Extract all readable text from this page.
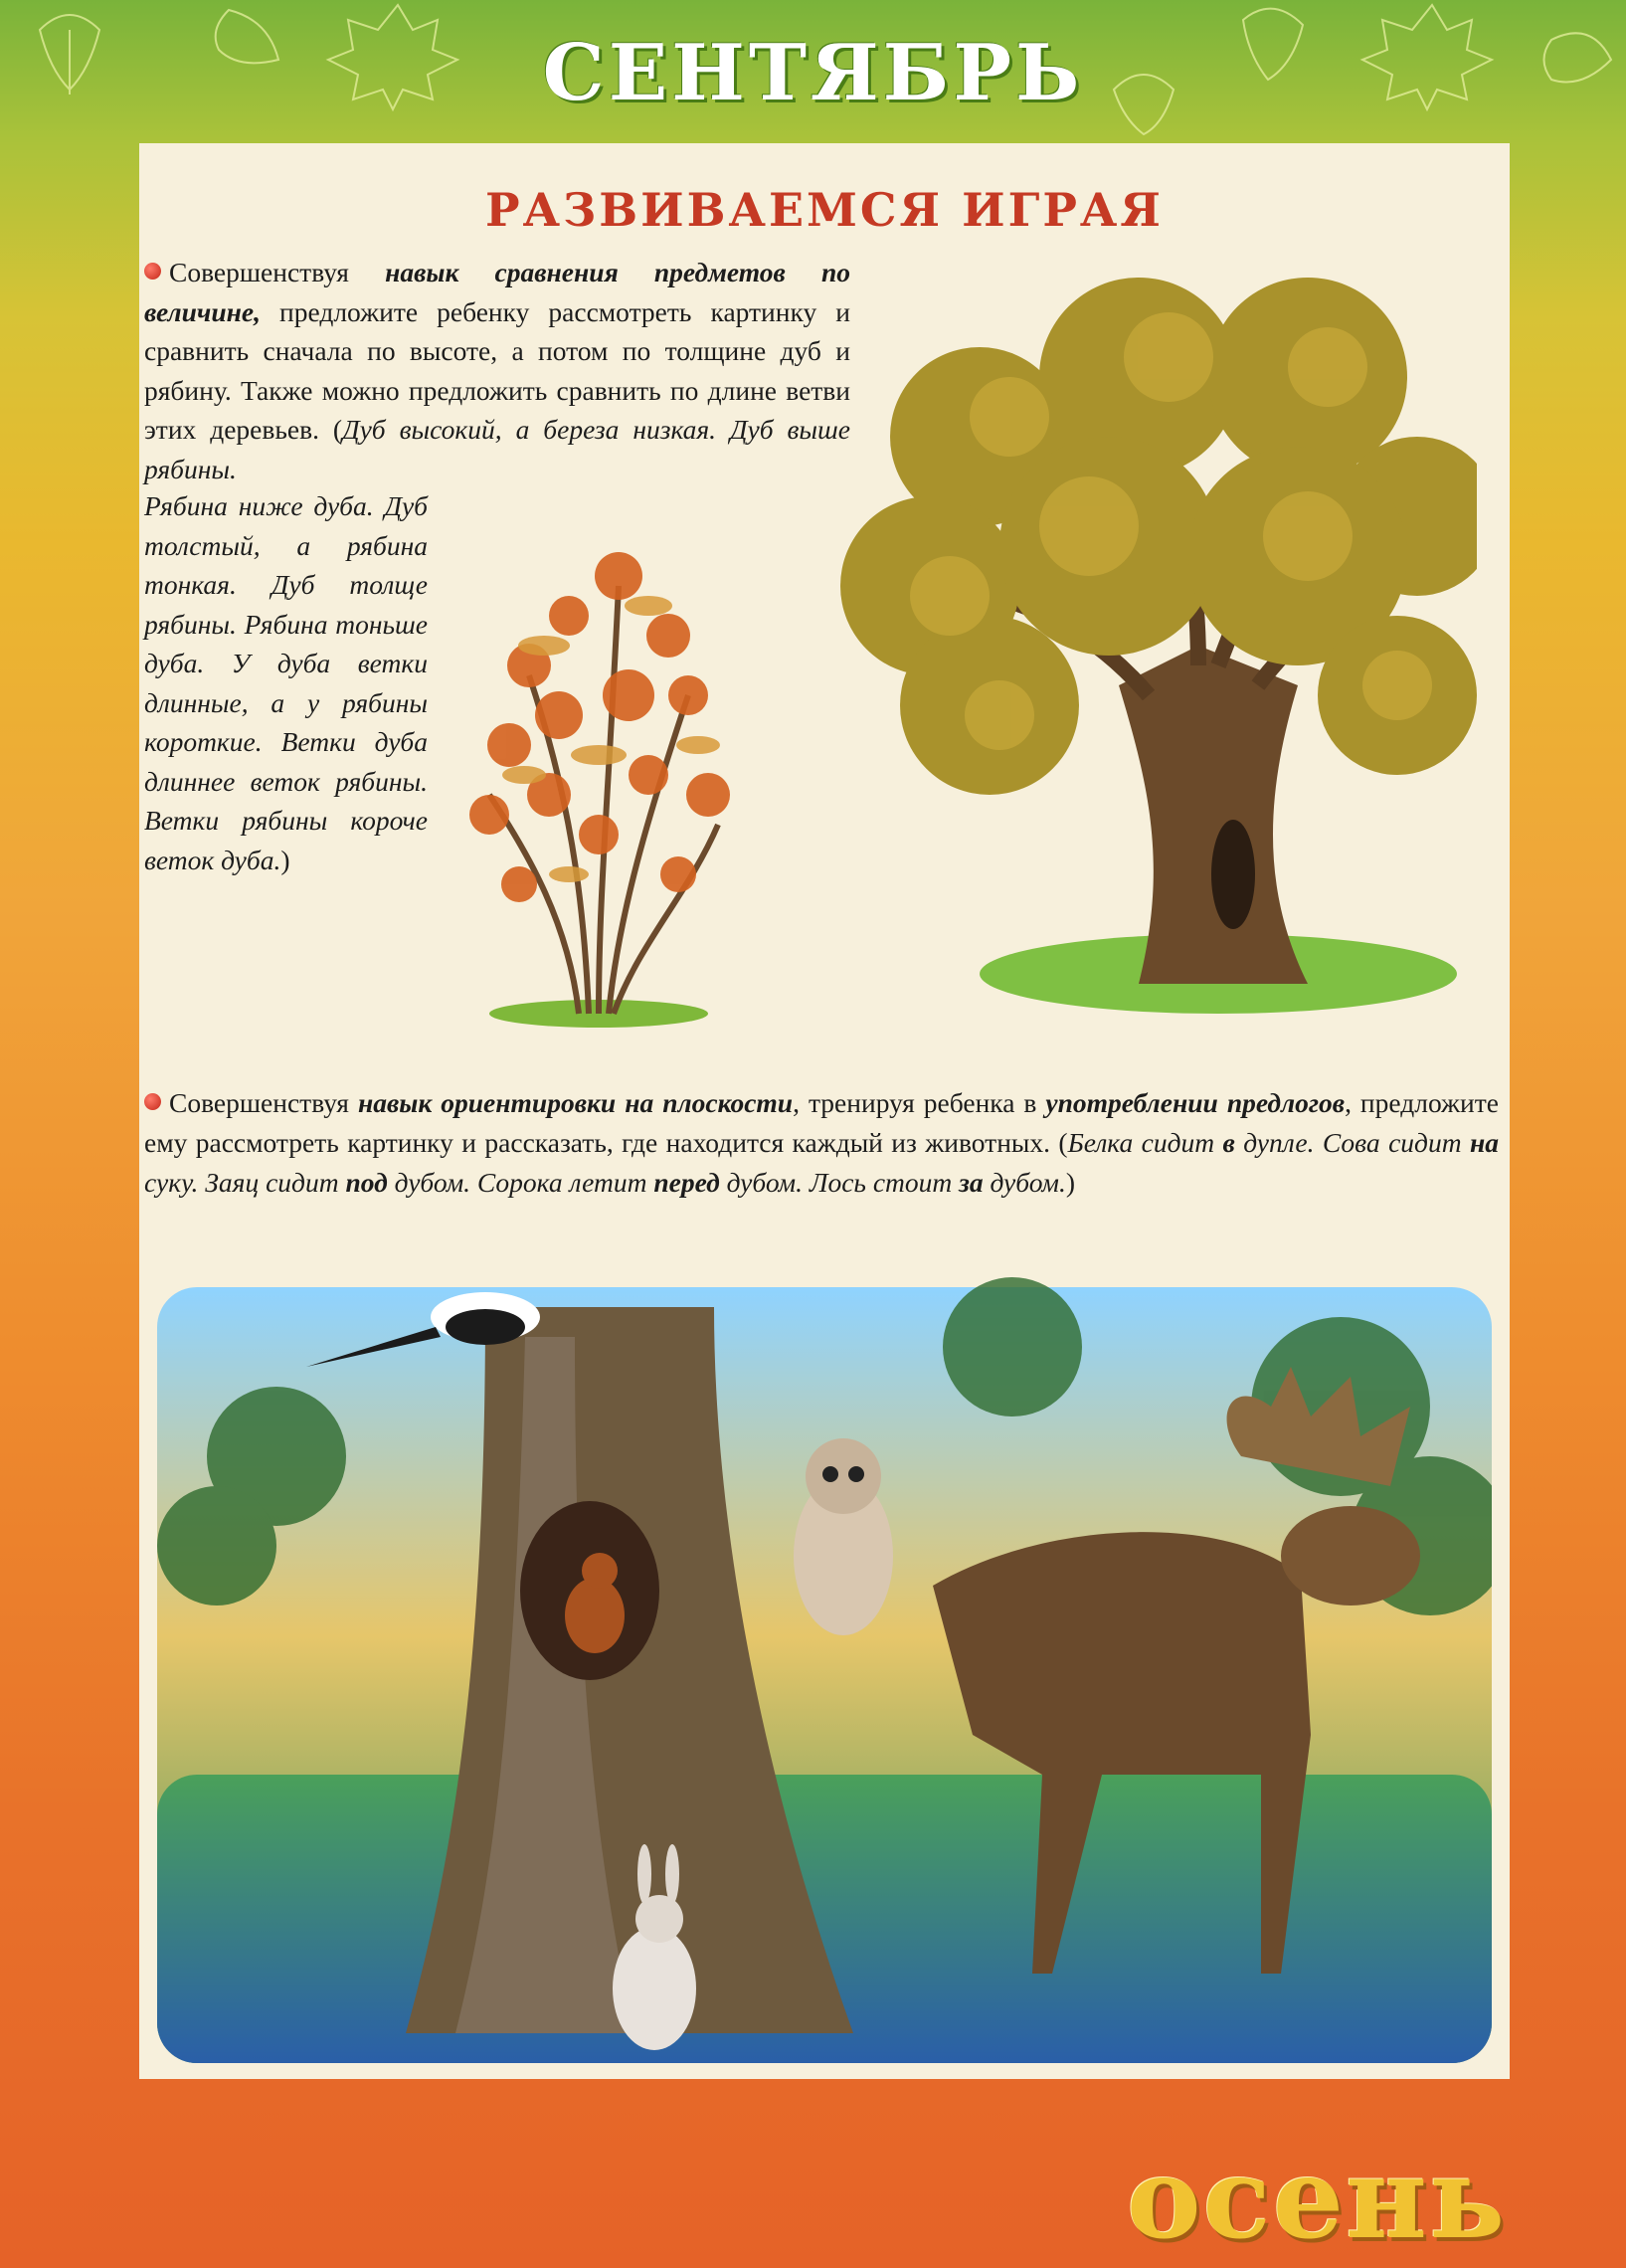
СЕНТЯБРЬ
РАЗВИВАЕМСЯ ИГРАЯ
Совершенствуя навык сравнения предметов по величине, предложите ребенку рассмотреть картинку и сравнить сначала по высоте, а потом по толщине дуб и рябину. Также можно предложить сравнить по длине ветви этих деревьев. (Дуб высокий, а береза низкая. Дуб выше рябины.
Рябина ниже дуба. Дуб толстый, а рябина тонкая. Дуб толще рябины. Рябина тоньше дуба. У дуба ветки длинные, а у рябины короткие. Ветки дуба длиннее веток рябины. Ветки рябины короче веток дуба.)
Совершенствуя навык ориентировки на плоскости, тренируя ребенка в употреблении предлогов, предложите ему рассмотреть картинку и рассказать, где находится каждый из животных. (Белка сидит в дупле. Сова сидит на суку. Заяц сидит под дубом. Сорока летит перед дубом. Лось стоит за дубом.)
осень
